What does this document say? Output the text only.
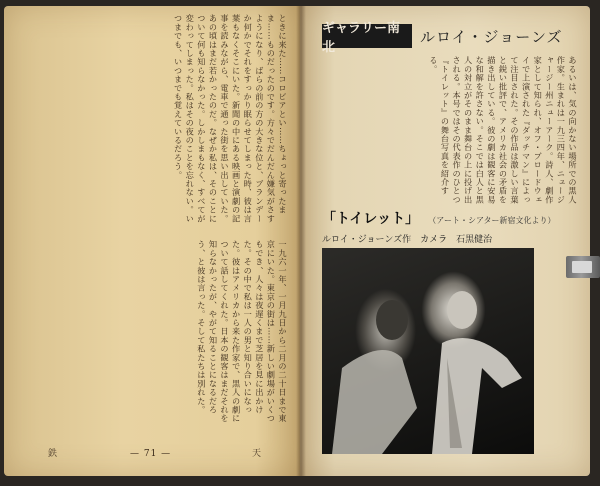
ときに来た……コロビアとい……ちょっと寄ったまま……ものだったのです。方々でだんだん嫌気がさすようになり、ばらの前の方の大きな位と、ブランデーか何かでそれをすっかり眠らせてしまった時、彼は言葉もなくそこにいた。新聞の中にある映画と演劇の記事を読みながら、電車で通った街を思い出していた。あの頃はまだ若かったのだ。なぜか私は、そのことについて何も知らなかった。しかしまもなく、すべてが変わってしまった。私はその夜のことを忘れない。いつまでも、いつまでも覚えているだろう。
一九六一年、一月九日から二月の二十日まで東京にいた。東京の街は……新しい劇場がいくつもでき、人々は夜遅くまで芝居を見に出かけた。その中で私は一人の男と知り合いになった。彼はアメリカから来た作家で、黒人の劇について話してくれた。日本の観客はまだそれを知らなかったが、やがて知ることになるだろう、と彼は言った。そして私たちは別れた。
鉄	— 71 —	天
ギャラリー南北
ルロイ・ジョーンズ
あるいは、気の向かない場所での黒人作家。生まれは一九三四年、ニュージャージー州ニューアーク。詩人、劇作家として知られ、オフ・ブロードウェイで上演された『ダッチマン』によって注目された。その作品は激しい言葉と鋭い批評で、アメリカ社会の矛盾を描き出している。彼の劇は観客に安易な和解を許さない。そこでは白人と黒人の対立がそのまま舞台の上に投げ出される。本号ではその代表作のひとつ『トイレット』の舞台写真を紹介する。
「トイレット」 （アート・シアター新宿文化より）
ルロイ・ジョーンズ作　カメラ　石黒健治
